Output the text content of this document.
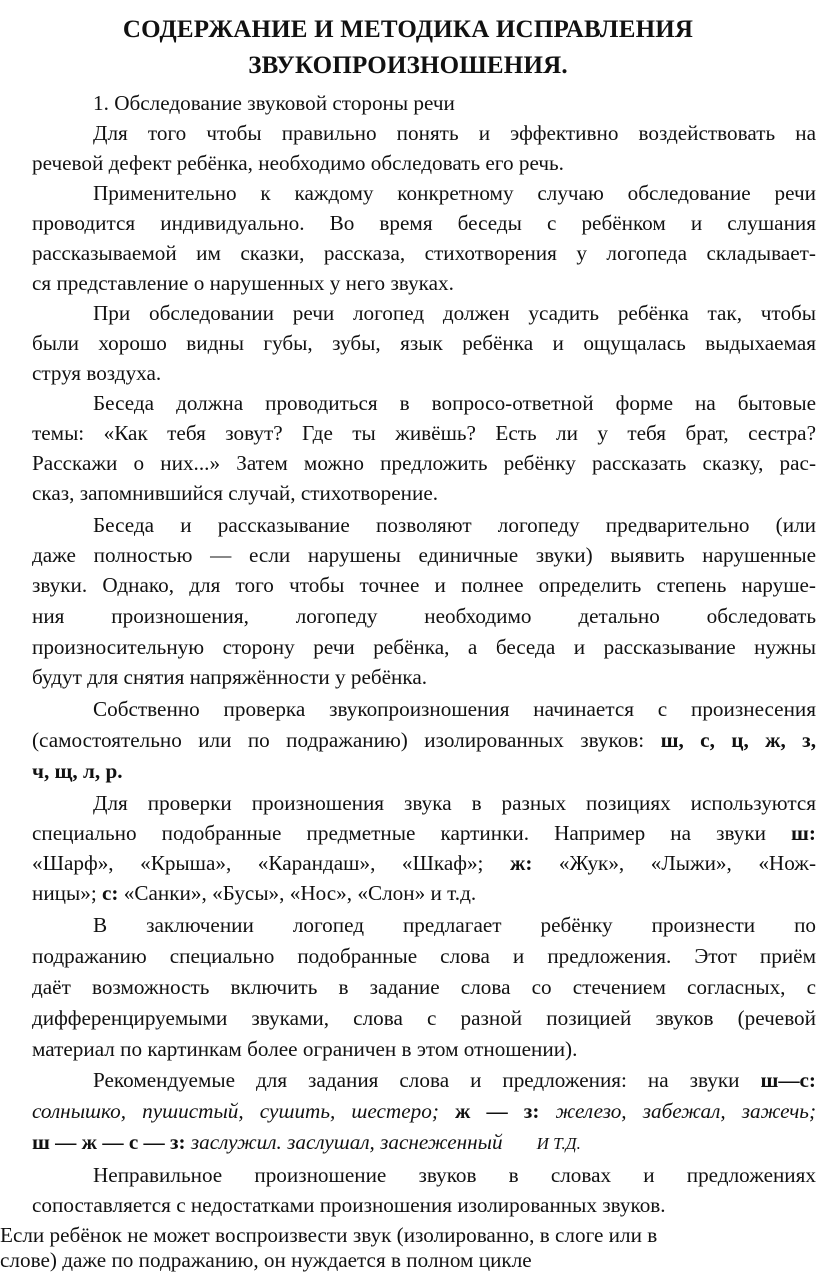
СОДЕРЖАНИЕ И МЕТОДИКА ИСПРАВЛЕНИЯ
ЗВУКОПРОИЗНОШЕНИЯ.
1. Обследование звуковой стороны речи
Для того чтобы правильно понять и эффективно воздействовать на
речевой дефект ребёнка, необходимо обследовать его речь.
Применительно к каждому конкретному случаю обследование речи
проводится индивидуально. Во время беседы с ребёнком и слушания
рассказываемой им сказки, рассказа, стихотворения у логопеда складывает-
ся представление о нарушенных у него звуках.
При обследовании речи логопед должен усадить ребёнка так, чтобы
были хорошо видны губы, зубы, язык ребёнка и ощущалась выдыхаемая
струя воздуха.
Беседа должна проводиться в вопросо-ответной форме на бытовые
темы: «Как тебя зовут? Где ты живёшь? Есть ли у тебя брат, сестра?
Расскажи о них...» Затем можно предложить ребёнку рассказать сказку, рас-
сказ, запомнившийся случай, стихотворение.
Беседа и рассказывание позволяют логопеду предварительно (или
даже полностью — если нарушены единичные звуки) выявить нарушенные
звуки. Однако, для того чтобы точнее и полнее определить степень наруше-
ния произношения, логопеду необходимо детально обследовать
произносительную сторону речи ребёнка, а беседа и рассказывание нужны
будут для снятия напряжённости у ребёнка.
Собственно проверка звукопроизношения начинается с произнесения
(самостоятельно или по подражанию) изолированных звуков: ш, с, ц, ж, з,
ч, щ, л, р.
Для проверки произношения звука в разных позициях используются
специально подобранные предметные картинки. Например на звуки ш:
«Шарф», «Крыша», «Карандаш», «Шкаф»; ж: «Жук», «Лыжи», «Нож-
ницы»; с: «Санки», «Бусы», «Нос», «Слон» и т.д.
В заключении логопед предлагает ребёнку произнести по
подражанию специально подобранные слова и предложения. Этот приём
даёт возможность включить в задание слова со стечением согласных, с
дифференцируемыми звуками, слова с разной позицией звуков (речевой
материал по картинкам более ограничен в этом отношении).
Рекомендуемые для задания слова и предложения: на звуки ш—с:
солнышко, пушистый, сушить, шестеро; ж — з: железо, забежал, зажечь;
ш — ж — с — з: заслужил. заслушал, заснеженный И Т.Д.
Неправильное произношение звуков в словах и предложениях
сопоставляется с недостатками произношения изолированных звуков.
Если ребёнок не может воспроизвести звук (изолированно, в слоге или в
слове) даже по подражанию, он нуждается в полном цикле
